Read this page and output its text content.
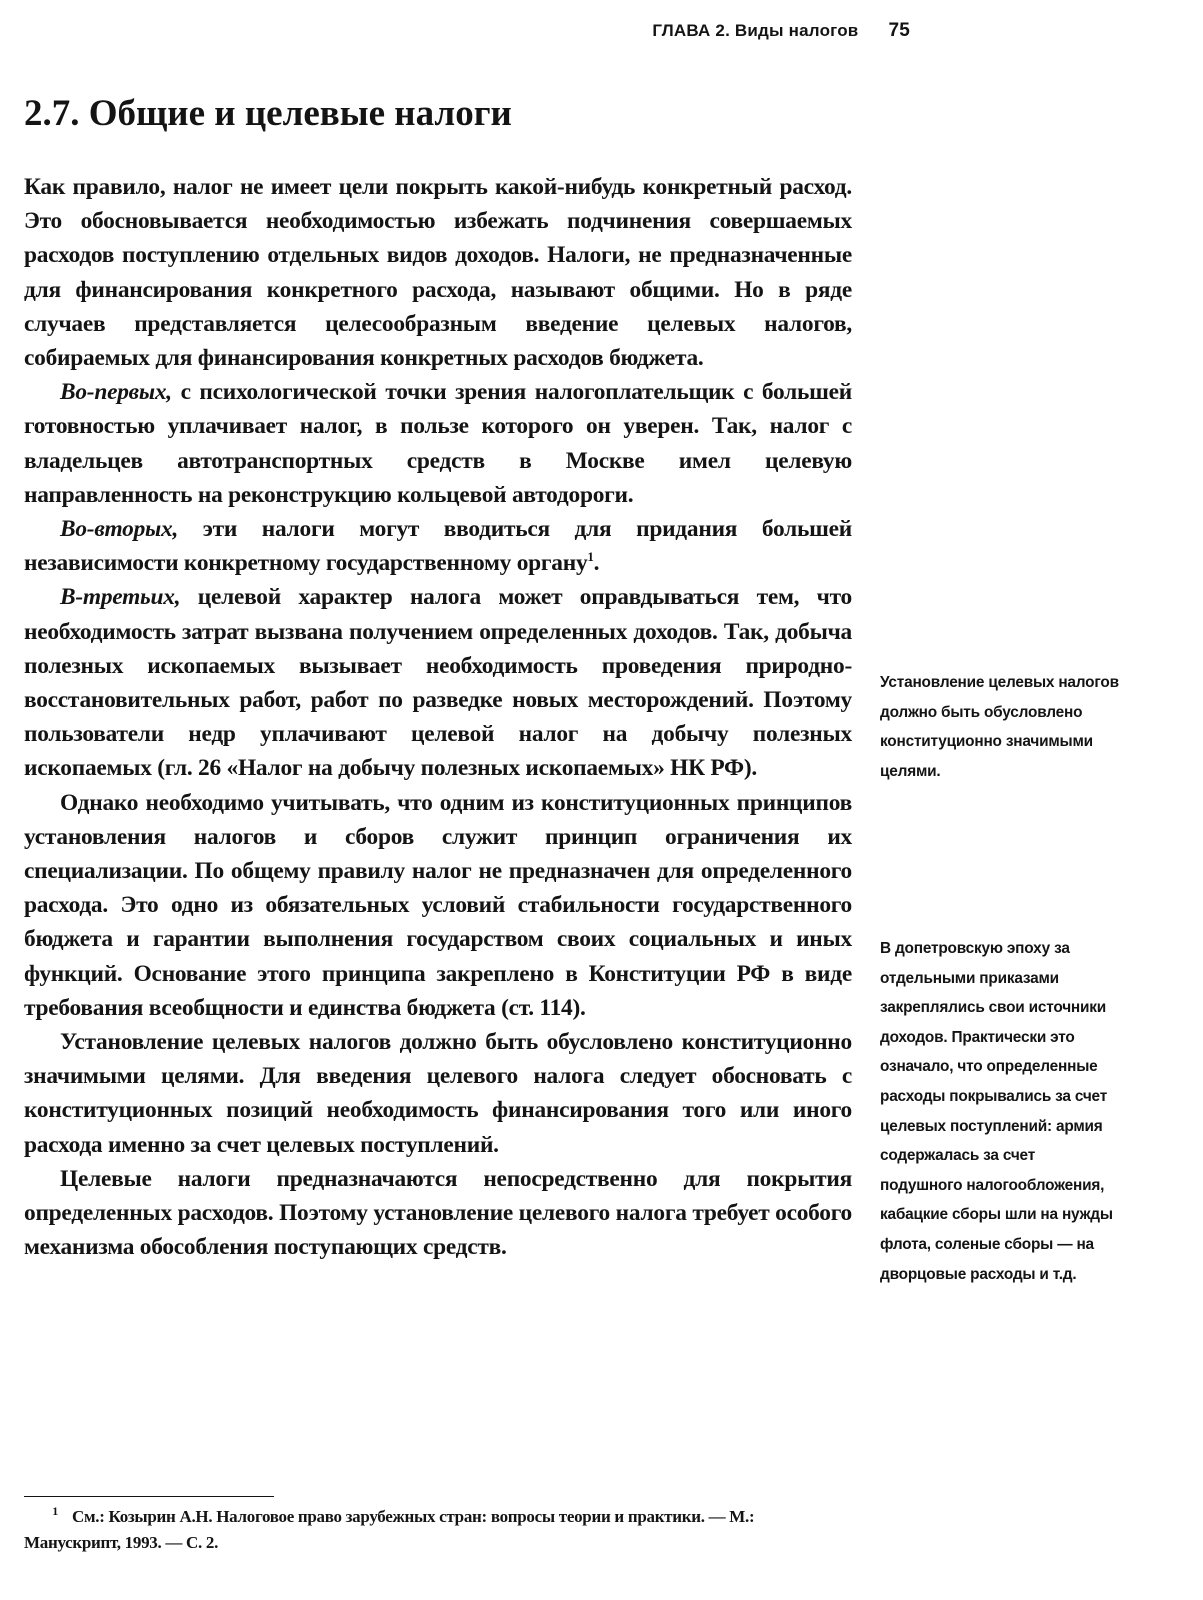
ГЛАВА 2. Виды налогов 75
2.7. Общие и целевые налоги

Как правило, налог не имеет цели покрыть какой-нибудь конкретный расход. Это обосновывается необходимостью избежать подчинения совершаемых расходов поступлению отдельных видов доходов. Налоги, не предназначенные для финансирования конкретного расхода, называют общими. Но в ряде случаев представляется целесообразным введение целевых налогов, собираемых для финансирования конкретных расходов бюджета.

Во-первых, с психологической точки зрения налогоплательщик с большей готовностью уплачивает налог, в пользе которого он уверен. Так, налог с владельцев автотранспортных средств в Москве имел целевую направленность на реконструкцию кольцевой автодороги.

Во-вторых, эти налоги могут вводиться для придания большей независимости конкретному государственному органу$^1$.

В-третьих, целевой характер налога может оправдываться тем, что необходимость затрат вызвана получением определенных доходов. Так, добыча полезных ископаемых вызывает необходимость проведения природно-восстановительных работ, работ по разведке новых месторождений. Поэтому пользователи недр уплачивают целевой налог на добычу полезных ископаемых (гл. 26 «Налог на добычу полезных ископаемых» НК РФ).

Однако необходимо учитывать, что одним из конституционных принципов установления налогов и сборов служит принцип ограничения их специализации. По общему правилу налог не предназначен для определенного расхода. Это одно из обязательных условий стабильности государственного бюджета и гарантии выполнения государством своих социальных и иных функций. Основание этого принципа закреплено в Конституции РФ в виде требования всеобщности и единства бюджета (ст. 114).

Установление целевых налогов должно быть обусловлено конституционно значимыми целями. Для введения целевого налога следует обосновать с конституционных позиций необходимость финансирования того или иного расхода именно за счет целевых поступлений.

Целевые налоги предназначаются непосредственно для покрытия определенных расходов. Поэтому установление целевого налога требует особого механизма обособления поступающих средств.

Установление целевых налогов должно быть обусловлено конституционно значимыми целями.
В допетровскую эпоху за отдельными приказами закреплялись свои источники доходов. Практически это означало, что определенные расходы покрывались за счет целевых поступлений: армия содержалась за счет подушного налогообложения, кабацкие сборы шли на нужды флота, соленые сборы — на дворцовые расходы и т.д.
1 См.: Козырин А.Н. Налоговое право зарубежных стран: вопросы теории и практики. — М.: Манускрипт, 1993. — С. 2.
